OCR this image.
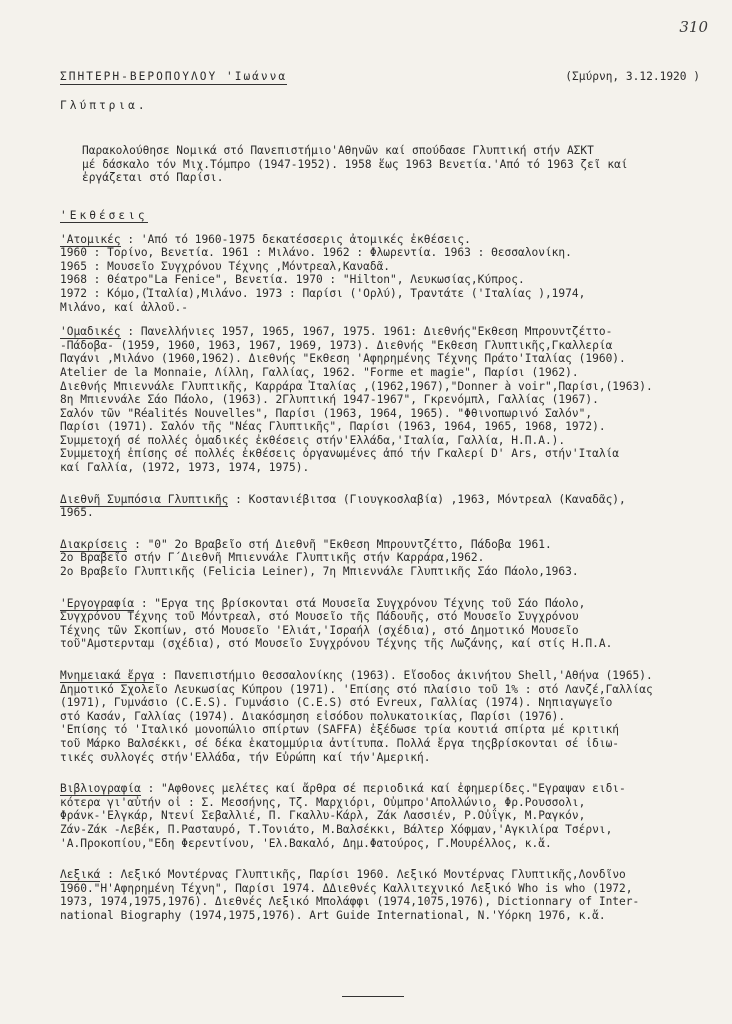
310
ΣΠΗΤΕΡΗ-ΒΕΡΟΠΟΥΛΟΥ 'Ιωάννα	(Σμύρνη, 3.12.1920 )
Γλύπτρια.
Παρακολούθησε Νομικά στό Πανεπιστήμιο'Αθηνῶν καί σπούδασε Γλυπτική στήν ΑΣΚΤ
μέ δάσκαλο τόν Μιχ.Τόμπρο (1947-1952). 1958 ἕως 1963 Βενετία.'Από τό 1963 ζεῖ καί
ἐργάζεται στό Παρίσι.
'Εκθέσεις
'Ατομικές : 'Από τό 1960-1975 δεκατέσσερις ἀτομικές ἐκθέσεις.
1960 : Τορίνο, Βενετία. 1961 : Μιλάνο. 1962 : Φλωρεντία. 1963 : Θεσσαλονίκη.
1965 : Μουσεῖο Συγχρόνου Τέχνης ,Μόντρεαλ,Καναδᾶ.
1968 : Θέατρο"La Fenice", Βενετία. 1970 : "Hilton", Λευκωσίας,Κύπρος.
1972 : Κόμο,(Ἰταλία),Μιλάνο. 1973 : Παρίσι ('Ορλύ), Τραντάτε ('Ιταλίας ),1974,
Μιλάνο, καί ἀλλοῦ.-
'Ομαδικές : Πανελλήνιες 1957, 1965, 1967, 1975. 1961: Διεθνής"Εκθεση Μπρουντζέττο-
-Πάδοβα- (1959, 1960, 1963, 1967, 1969, 1973). Διεθνής "Εκθεση Γλυπτικῆς,Γκαλλερία
Παγάνι ,Μιλάνο (1960,1962). Διεθνής "Εκθεση 'Αφηρημένης Τέχνης Πράτο'Ιταλίας (1960).
Atelier de la Monnaie, Λίλλη, Γαλλίας, 1962. "Forme et magie", Παρίσι (1962).
Διεθνής Μπιεννάλε Γλυπτικῆς, Καρράρα Ἰταλίας ,(1962,1967),"Donner à voir",Παρίσι,(1963).
8η Μπιεννάλε Σάο Πάολο, (1963). 2Γλυπτική 1947-1967", Γκρενόμπλ, Γαλλίας (1967).
Σαλόν τῶν "Réalités Nouvelles", Παρίσι (1963, 1964, 1965). "Φθινοπωρινό Σαλόν",
Παρίσι (1971). Σαλόν τῆς "Νέας Γλυπτικῆς", Παρίσι (1963, 1964, 1965, 1968, 1972).
Συμμετοχή σέ πολλές ὁμαδικές ἐκθέσεις στήν'Ελλάδα,'Ιταλία, Γαλλία, Η.Π.Α.).
Συμμετοχή ἐπίσης σέ πολλές ἐκθέσεις ὀργανωμένες ἀπό τήν Γκαλερί D' Ars, στήν'Ιταλία
καί Γαλλία, (1972, 1973, 1974, 1975).
Διεθνῆ Συμπόσια Γλυπτικῆς : Κοστανιέβιτσα (Γιουγκοσλαβία) ,1963, Μόντρεαλ (Καναδᾶς),
1965.
Διακρίσεις : "0" 2ο Βραβεῖο στή Διεθνῆ "Εκθεση Μπρουντζέττο, Πάδοβα 1961.
2ο Βραβεῖο στήν Γ΄Διεθνῆ Μπιεννάλε Γλυπτικῆς στήν Καρράρα,1962.
2ο Βραβεῖο Γλυπτικῆς (Felicia Leiner), 7η Μπιεννάλε Γλυπτικῆς Σάο Πάολο,1963.
'Εργογραφία : "Εργα της βρίσκονται στά Μουσεῖα Συγχρόνου Τέχνης τοῦ Σάο Πάολο,
Συγχρόνου Τέχνης τοῦ Μόντρεαλ, στό Μουσεῖο τῆς Πάδουῆς, στό Μουσεῖο Συγχρόνου
Τέχνης τῶν Σκοπίων, στό Μουσεῖο 'Ελιάτ,'Ισραήλ (σχέδια), στό Δημοτικό Μουσεῖο
τοῦ"Αμστερνταμ (σχέδια), στό Μουσεῖο Συγχρόνου Τέχνης τῆς Λωζάνης, καί στίς Η.Π.Α.
Μνημειακά ἔργα : Πανεπιστήμιο Θεσσαλονίκης (1963). Εἴσοδος ἀκινήτου Shell,'Αθήνα (1965).
Δημοτικό Σχολεῖο Λευκωσίας Κύπρου (1971). 'Επίσης στό πλαίσιο τοῦ 1% : στό Λανζέ,Γαλλίας
(1971), Γυμνάσιο (C.E.S). Γυμνάσιο (C.E.S) στό Evreux, Γαλλίας (1974). Νηπιαγωγεῖο
στό Κασάν, Γαλλίας (1974). Διακόσμηση εἰσόδου πολυκατοικίας, Παρίσι (1976).
'Επίσης τό 'Ιταλικό μονοπώλιο σπίρτων (SAFFA) ἐξέδωσε τρία κουτιά σπίρτα μέ κριτική
τοῦ Μάρκο Βαλσέκκι, σέ δέκα ἑκατομμύρια ἀντίτυπα. Πολλά ἔργα τηςβρίσκονται σέ ἰδιω-
τικές συλλογές στήν'Ελλάδα, τήν Εὐρώπη καί τήν'Αμερική.
Βιβλιογραφία : "Αφθονες μελέτες καί ἄρθρα σέ περιοδικά καί ἐφημερίδες."Εγραψαν ειδι-
κότερα γι'αὐτήν οἱ : Σ. Μεσσήνης, Τζ. Μαρχιόρι, Οὐμπρο'Απολλώνιο, Φρ.Ρουσσολι,
Φράνκ-'Ελγκάρ, Ντενί Σεβαλλιέ, Π. Γκαλλυ-Κάρλ, Ζάκ Λασσιέν, Ρ.Οὐΐγκ, Μ.Ραγκόν,
Ζάν-Ζάκ -Λεβέκ, Π.Ρασταυρό, Τ.Τονιάτο, Μ.Βαλσέκκι, Βάλτερ Χόφμαν,'Αγκιλίρα Τσέρνι,
'Α.Προκοπίου,"Εδη Φερεντίνου, 'Ελ.Βακαλό, Δημ.Φατούρος, Γ.Μουρέλλος, κ.ἄ.
Λεξικά : Λεξικό Μοντέρνας Γλυπτικῆς, Παρίσι 1960. Λεξικό Μοντέρνας Γλυπτικῆς,Λονδῖνο
1960."Η'Αφηρημένη Τέχνη", Παρίσι 1974. ΔΔιεθνές Καλλιτεχνικό Λεξικό Who is who (1972,
1973, 1974,1975,1976). Διεθνές Λεξικό Μπολάφφι (1974,1075,1976), Dictionnary of Inter-
national Biography (1974,1975,1976). Art Guide International, N.'Υόρκη 1976, κ.ἄ.
